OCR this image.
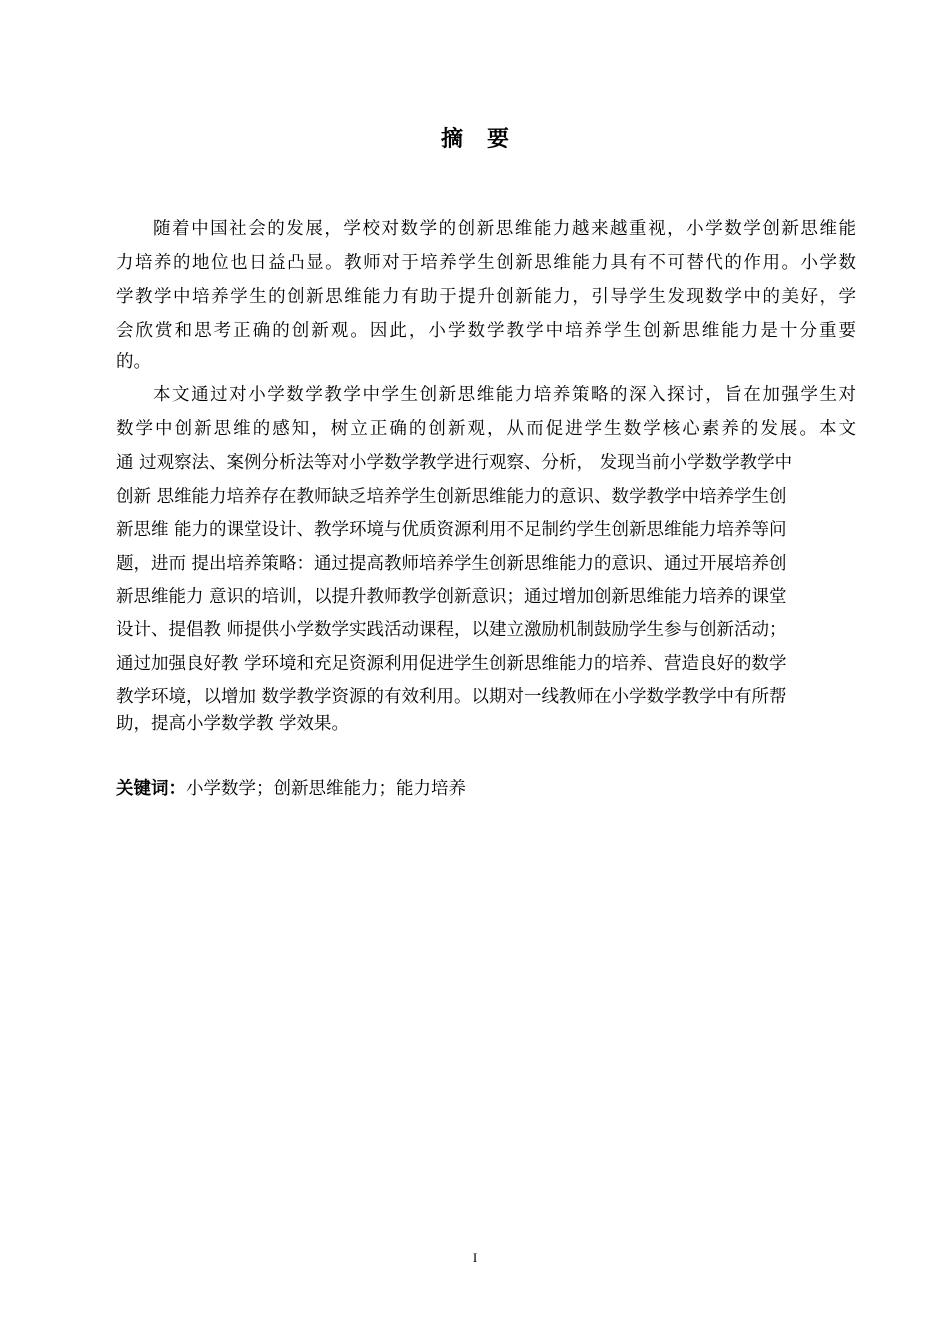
摘要
随着中国社会的发展，学校对数学的创新思维能力越来越重视，小学数学创新思维能
力培养的地位也日益凸显。教师对于培养学生创新思维能力具有不可替代的作用。小学数
学教学中培养学生的创新思维能力有助于提升创新能力，引导学生发现数学中的美好，学
会欣赏和思考正确的创新观。因此，小学数学教学中培养学生创新思维能力是十分重要
的。
本文通过对小学数学教学中学生创新思维能力培养策略的深入探讨，旨在加强学生对
数学中创新思维的感知，树立正确的创新观，从而促进学生数学核心素养的发展。本文
通 过观察法、案例分析法等对小学数学教学进行观察、分析， 发现当前小学数学教学中
创新 思维能力培养存在教师缺乏培养学生创新思维能力的意识、数学教学中培养学生创
新思维 能力的课堂设计、教学环境与优质资源利用不足制约学生创新思维能力培养等问
题，进而 提出培养策略：通过提高教师培养学生创新思维能力的意识、通过开展培养创
新思维能力 意识的培训，以提升教师教学创新意识；通过增加创新思维能力培养的课堂
设计、提倡教 师提供小学数学实践活动课程，以建立激励机制鼓励学生参与创新活动；
通过加强良好教 学环境和充足资源利用促进学生创新思维能力的培养、营造良好的数学
教学环境，以增加 数学教学资源的有效利用。以期对一线教师在小学数学教学中有所帮
助，提高小学数学教 学效果。
关键词：小学数学；创新思维能力；能力培养
I
